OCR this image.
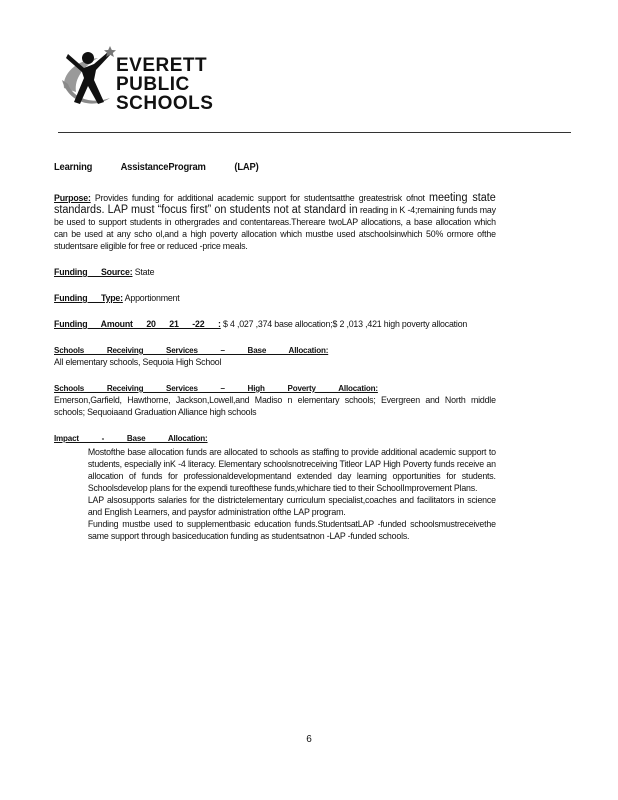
EVERETT
PUBLIC
SCHOOLS
Learning AssistanceProgram (LAP)
Purpose: Provides funding for additional academic support for studentsatthe greatestrisk ofnot meeting state standards. LAP must “focus first” on students not at standard in reading in K -4;remaining funds may be used to support students in othergrades and contentareas.Thereare twoLAP allocations, a base allocation which can be used at any scho ol,and a high poverty allocation which mustbe used atschoolsinwhich 50% ormore ofthe studentsare eligible for free or reduced -price meals.
Funding Source: State
Funding Type: Apportionment
Funding Amount 20 21 -22 : $ 4 ,027 ,374 base allocation;$ 2 ,013 ,421 high poverty allocation
Schools Receiving Services – Base Allocation:
All elementary schools, Sequoia High School
Schools Receiving Services – High Poverty Allocation:
Emerson,Garfield, Hawthorne, Jackson,Lowell,and Madiso n elementary schools; Evergreen and North middle schools; Sequoiaand Graduation Alliance high schools
Impact - Base Allocation:
Mostofthe base allocation funds are allocated to schools as staffing to provide additional academic support to students, especially inK -4 literacy. Elementary schoolsnotreceiving Titleor LAP High Poverty funds receive an allocation of funds for professionaldevelopmentand extended day learning opportunities for students. Schoolsdevelop plans for the expendi tureofthese funds,whichare tied to their SchoolImprovement Plans.
LAP alsosupports salaries for the districtelementary curriculum specialist,coaches and facilitators in science and English Learners, and paysfor administration ofthe LAP program.
Funding mustbe used to supplementbasic education funds.StudentsatLAP -funded schoolsmustreceivethe same support through basiceducation funding as studentsatnon -LAP -funded schools.
6
